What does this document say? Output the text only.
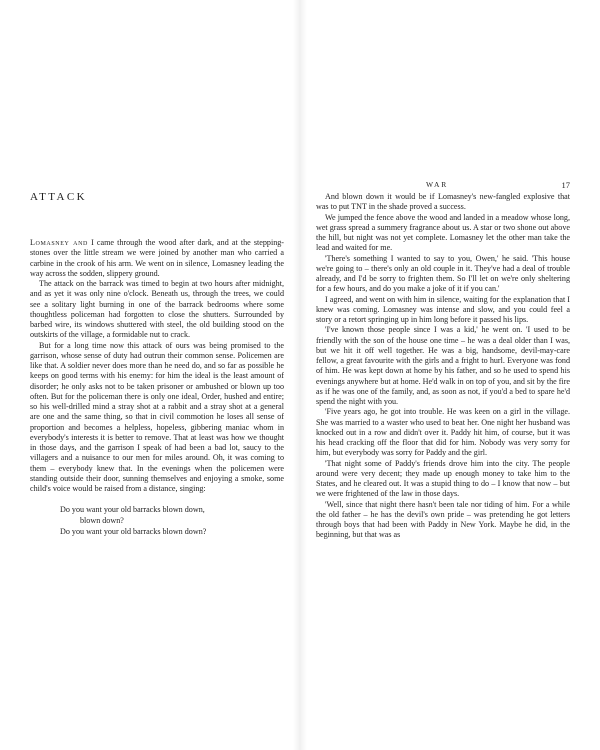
ATTACK

Lomasney and I came through the wood after dark, and at the stepping-stones over the little stream we were joined by another man who carried a carbine in the crook of his arm. We went on in silence, Lomasney leading the way across the sodden, slippery ground.

The attack on the barrack was timed to begin at two hours after midnight, and as yet it was only nine o'clock. Beneath us, through the trees, we could see a solitary light burning in one of the barrack bedrooms where some thoughtless policeman had forgotten to close the shutters. Surrounded by barbed wire, its windows shuttered with steel, the old building stood on the outskirts of the village, a formidable nut to crack.

But for a long time now this attack of ours was being promised to the garrison, whose sense of duty had outrun their common sense. Policemen are like that. A soldier never does more than he need do, and so far as possible he keeps on good terms with his enemy: for him the ideal is the least amount of disorder; he only asks not to be taken prisoner or ambushed or blown up too often. But for the policeman there is only one ideal, Order, hushed and entire; so his well-drilled mind a stray shot at a rabbit and a stray shot at a general are one and the same thing, so that in civil commotion he loses all sense of proportion and becomes a helpless, hopeless, gibbering maniac whom in everybody's interests it is better to remove. That at least was how we thought in those days, and the garrison I speak of had been a bad lot, saucy to the villagers and a nuisance to our men for miles around. Oh, it was coming to them – everybody knew that. In the evenings when the policemen were standing outside their door, sunning themselves and enjoying a smoke, some child's voice would be raised from a distance, singing:

Do you want your old barracks blown down,
blown down?
Do you want your old barracks blown down?
WAR	17

And blown down it would be if Lomasney's new-fangled explosive that was to put TNT in the shade proved a success.

We jumped the fence above the wood and landed in a meadow whose long, wet grass spread a summery fragrance about us. A star or two shone out above the hill, but night was not yet complete. Lomasney let the other man take the lead and waited for me.

'There's something I wanted to say to you, Owen,' he said. 'This house we're going to – there's only an old couple in it. They've had a deal of trouble already, and I'd be sorry to frighten them. So I'll let on we're only sheltering for a few hours, and do you make a joke of it if you can.'

I agreed, and went on with him in silence, waiting for the explanation that I knew was coming. Lomasney was intense and slow, and you could feel a story or a retort springing up in him long before it passed his lips.

'I've known those people since I was a kid,' he went on. 'I used to be friendly with the son of the house one time – he was a deal older than I was, but we hit it off well together. He was a big, handsome, devil-may-care fellow, a great favourite with the girls and a fright to hurl. Everyone was fond of him. He was kept down at home by his father, and so he used to spend his evenings anywhere but at home. He'd walk in on top of you, and sit by the fire as if he was one of the family, and, as soon as not, if you'd a bed to spare he'd spend the night with you.

'Five years ago, he got into trouble. He was keen on a girl in the village. She was married to a waster who used to beat her. One night her husband was knocked out in a row and didn't over it. Paddy hit him, of course, but it was his head cracking off the floor that did for him. Nobody was very sorry for him, but everybody was sorry for Paddy and the girl.

'That night some of Paddy's friends drove him into the city. The people around were very decent; they made up enough money to take him to the States, and he cleared out. It was a stupid thing to do – I know that now – but we were frightened of the law in those days.

'Well, since that night there hasn't been tale nor tiding of him. For a while the old father – he has the devil's own pride – was pretending he got letters through boys that had been with Paddy in New York. Maybe he did, in the beginning, but that was as
